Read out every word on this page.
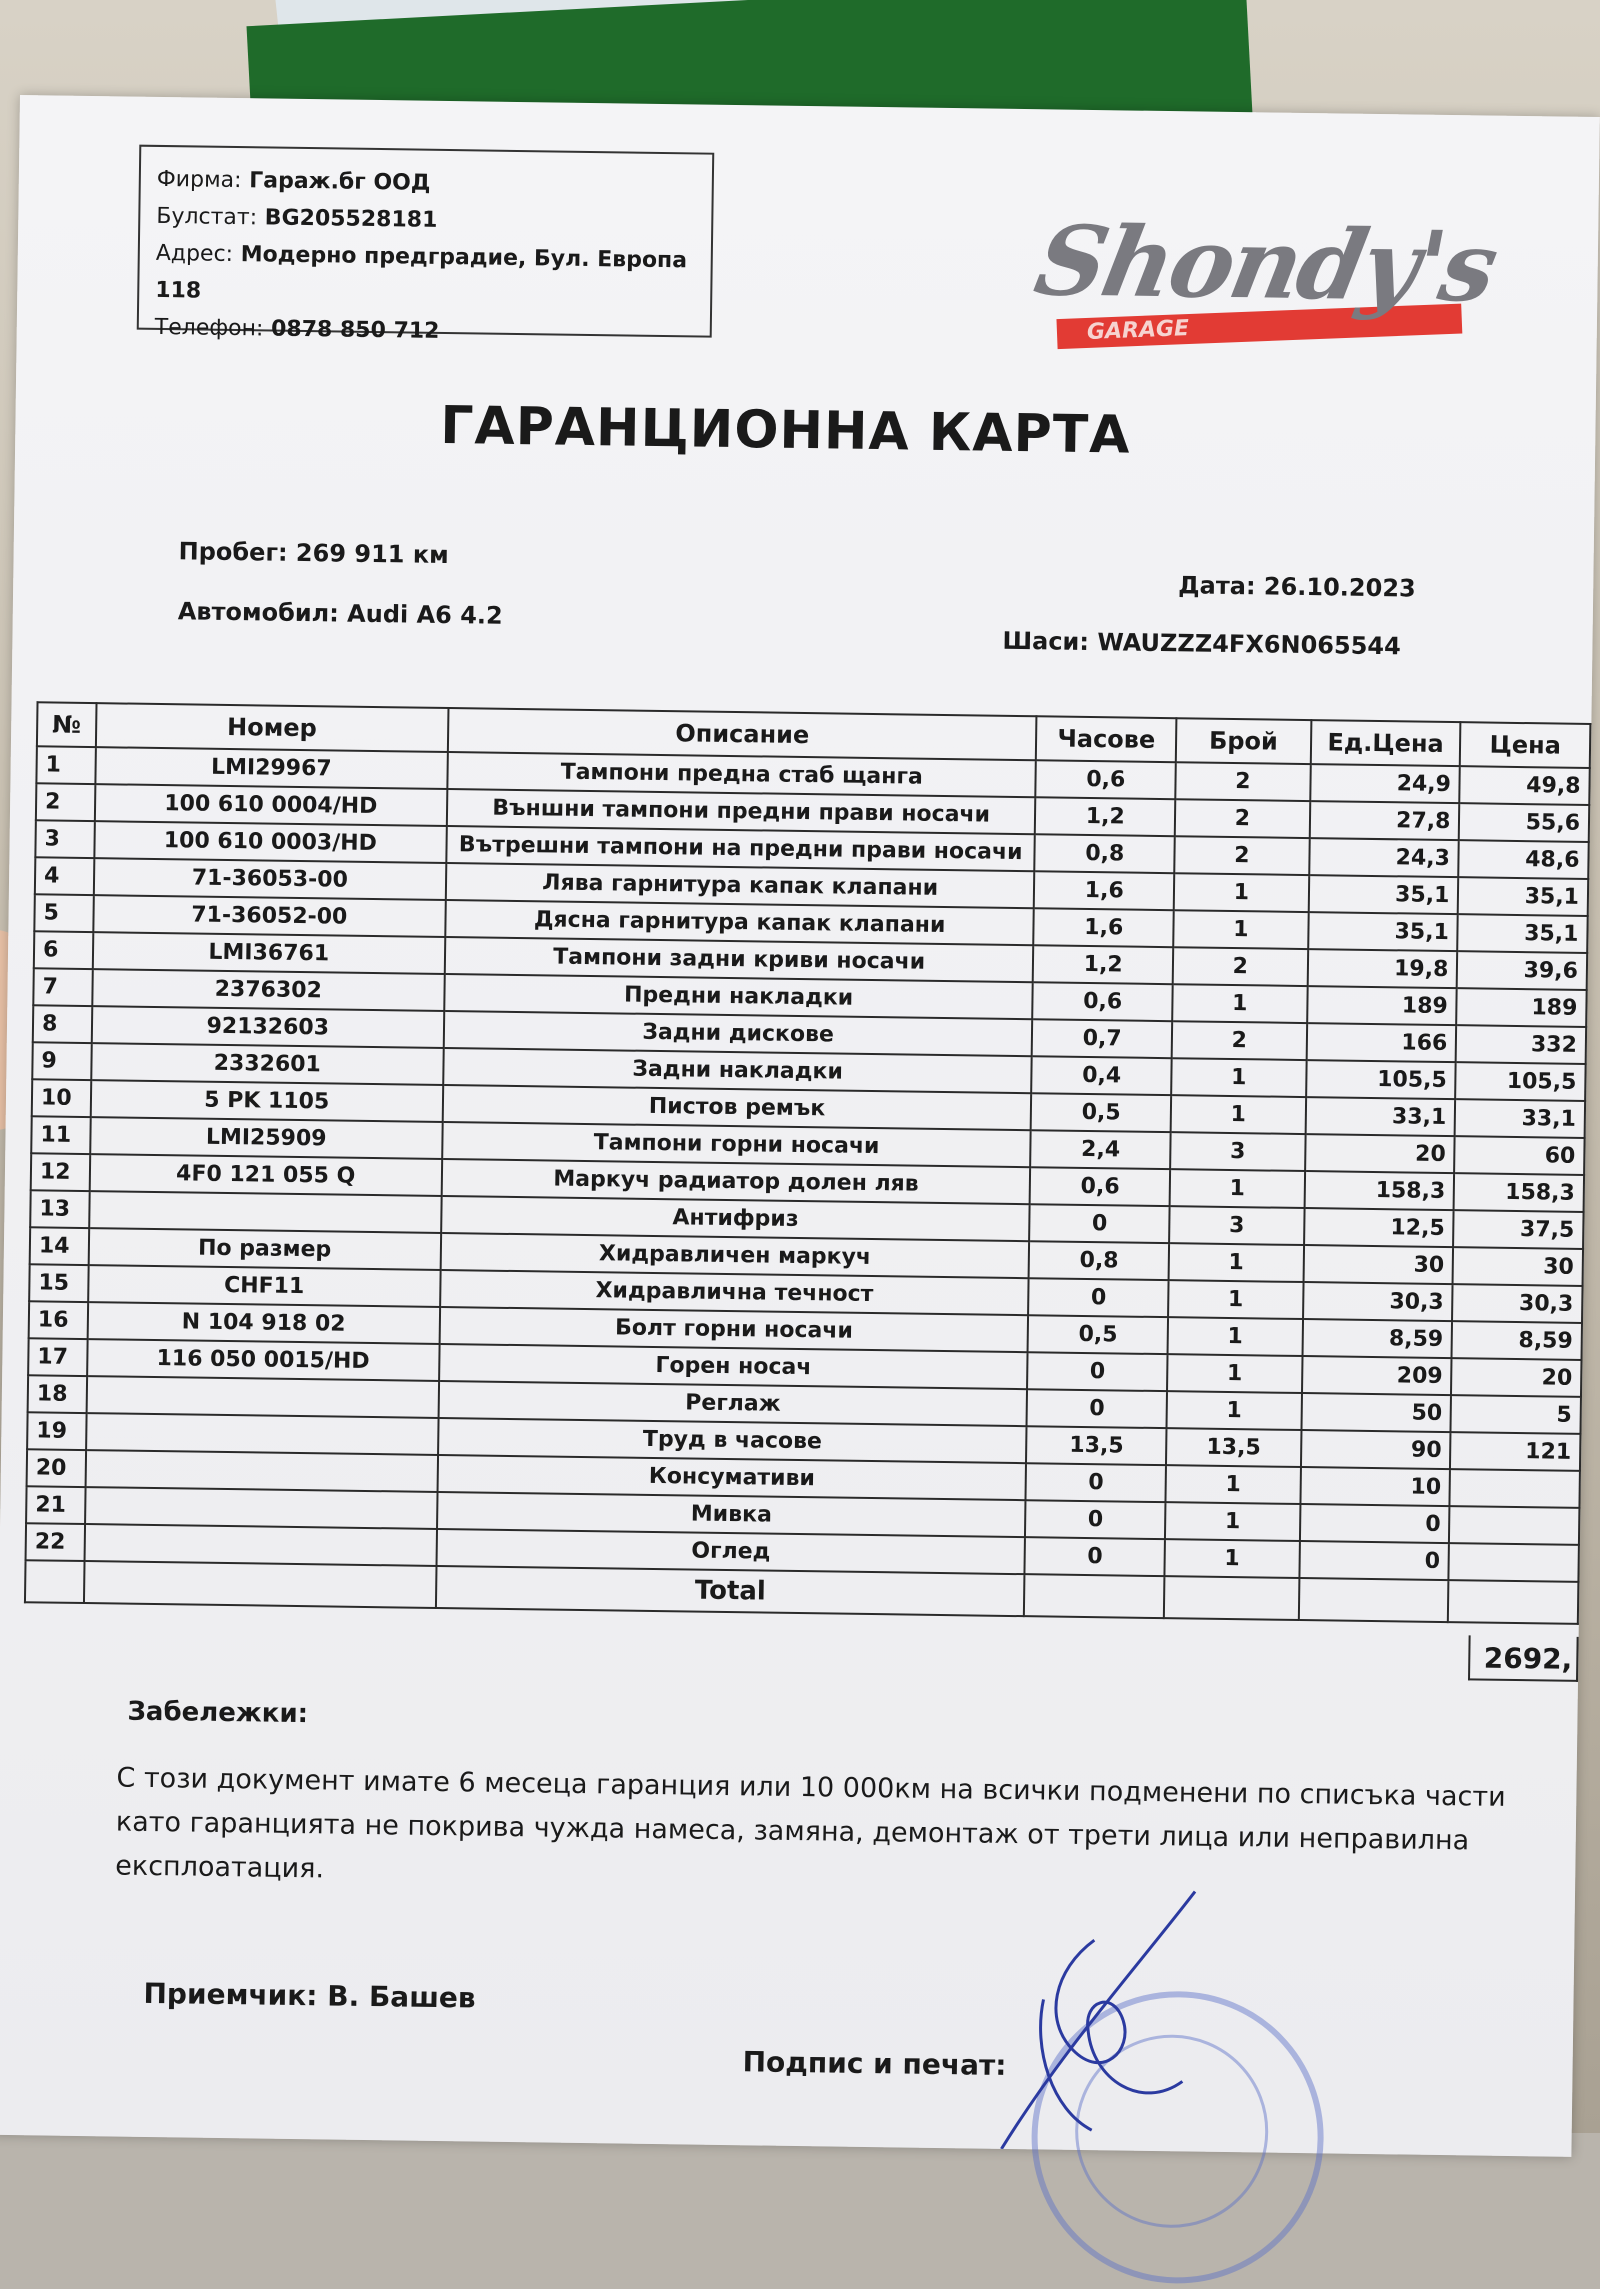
Фирма: Гараж.бг ООД
Булстат: BG205528181
Адрес: Модерно предградие, Бул. Европа 118
Телефон: 0878 850 712	GARAGE
Shondy's
ГАРАНЦИОННА КАРТА
Пробег: 269 911 км
Автомобил: Audi A6 4.2
Дата: 26.10.2023
Шаси: WAUZZZ4FX6N065544
№	Номер	Описание	Часове	Брой	Ед.Цена	Цена
1	LMI29967	Тампони предна стаб щанга	0,6	2	24,9	49,8
2	100 610 0004/HD	Външни тампони предни прави носачи	1,2	2	27,8	55,6
3	100 610 0003/HD	Вътрешни тампони на предни прави носачи	0,8	2	24,3	48,6
4	71-36053-00	Лява гарнитура капак клапани	1,6	1	35,1	35,1
5	71-36052-00	Дясна гарнитура капак клапани	1,6	1	35,1	35,1
6	LMI36761	Тампони задни криви носачи	1,2	2	19,8	39,6
7	2376302	Предни накладки	0,6	1	189	189
8	92132603	Задни дискове	0,7	2	166	332
9	2332601	Задни накладки	0,4	1	105,5	105,5
10	5 PK 1105	Пистов ремък	0,5	1	33,1	33,1
11	LMI25909	Тампони горни носачи	2,4	3	20	60
12	4F0 121 055 Q	Маркуч радиатор долен ляв	0,6	1	158,3	158,3
13		Антифриз	0	3	12,5	37,5
14	По размер	Хидравличен маркуч	0,8	1	30	30
15	CHF11	Хидравлична течност	0	1	30,3	30,3
16	N 104 918 02	Болт горни носачи	0,5	1	8,59	8,59
17	116 050 0015/HD	Горен носач	0	1	209	20
18		Реглаж	0	1	50	5
19		Труд в часове	13,5	13,5	90	121
20		Консумативи	0	1	10	
21		Мивка	0	1	0	
22		Оглед	0	1	0	
		Total				
2692,
Забележки:
С този документ имате 6 месеца гаранция или 10 000км на всички подменени по списъка части като гаранцията не покрива чужда намеса, замяна, демонтаж от трети лица или неправилна експлоатация.
Приемчик: В. Башев
Подпис и печат:
